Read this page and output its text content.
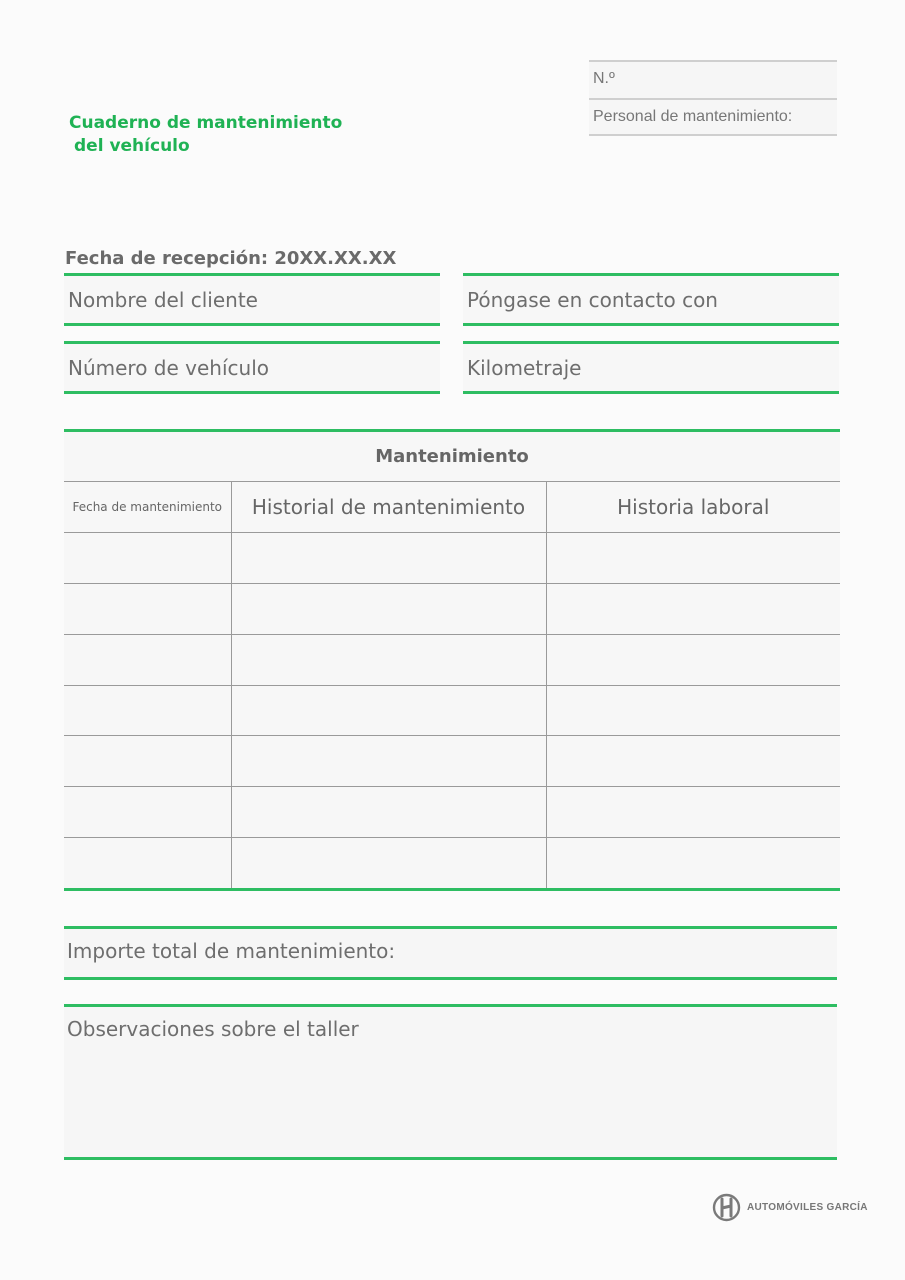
Cuaderno de mantenimiento
del vehículo
N.º
Personal de mantenimiento:
Fecha de recepción: 20XX.XX.XX
Nombre del cliente	Póngase en contacto con
Número de vehículo	Kilometraje
Mantenimiento
Fecha de mantenimiento	Historial de mantenimiento	Historia laboral

Importe total de mantenimiento:
Observaciones sobre el taller
AUTOMÓVILES GARCÍA
